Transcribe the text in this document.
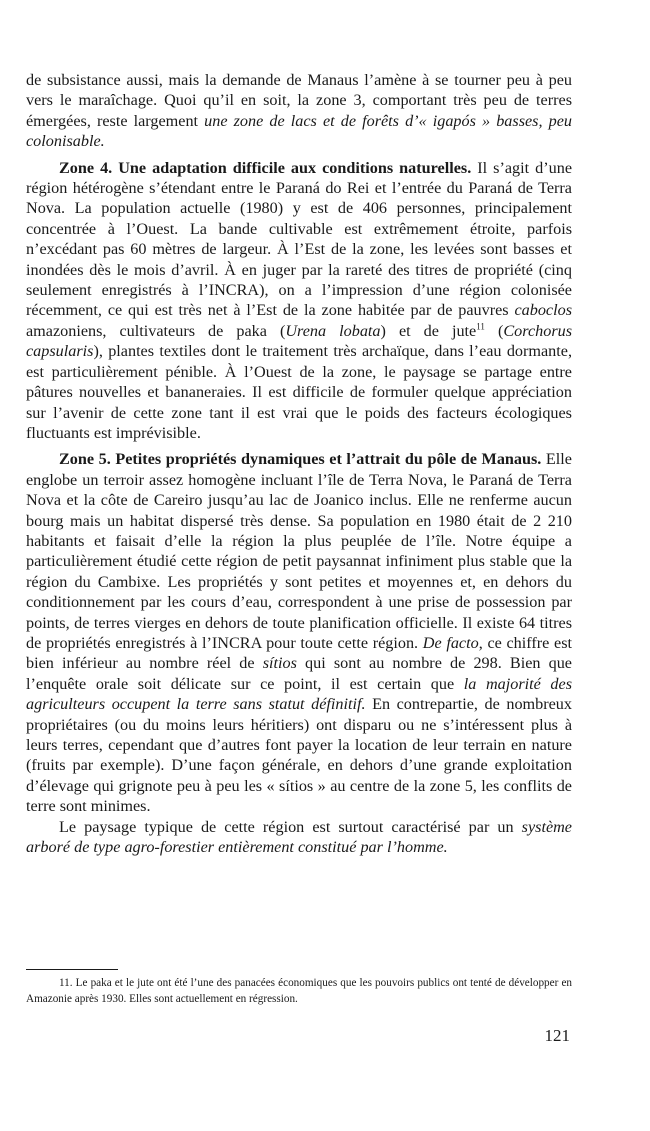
de subsistance aussi, mais la demande de Manaus l’amène à se tourner peu à peu vers le maraîchage. Quoi qu’il en soit, la zone 3, comportant très peu de terres émergées, reste largement une zone de lacs et de forêts d’« igapós » basses, peu colonisable.

Zone 4. Une adaptation difficile aux conditions naturelles. Il s’agit d’une région hétérogène s’étendant entre le Paraná do Rei et l’entrée du Paraná de Terra Nova. La population actuelle (1980) y est de 406 personnes, principalement concentrée à l’Ouest. La bande cultivable est extrêmement étroite, parfois n’excédant pas 60 mètres de largeur. À l’Est de la zone, les levées sont basses et inondées dès le mois d’avril. À en juger par la rareté des titres de propriété (cinq seulement enregistrés à l’INCRA), on a l’impression d’une région colonisée récemment, ce qui est très net à l’Est de la zone habitée par de pauvres caboclos amazoniens, cultivateurs de paka (Urena lobata) et de jute$^{11}$ (Corchorus capsularis), plantes textiles dont le traitement très archaïque, dans l’eau dormante, est particulièrement pénible. À l’Ouest de la zone, le paysage se partage entre pâtures nouvelles et bananeraies. Il est difficile de formuler quelque appréciation sur l’avenir de cette zone tant il est vrai que le poids des facteurs écologiques fluctuants est imprévisible.

Zone 5. Petites propriétés dynamiques et l’attrait du pôle de Manaus. Elle englobe un terroir assez homogène incluant l’île de Terra Nova, le Paraná de Terra Nova et la côte de Careiro jusqu’au lac de Joanico inclus. Elle ne renferme aucun bourg mais un habitat dispersé très dense. Sa population en 1980 était de 2 210 habitants et faisait d’elle la région la plus peuplée de l’île. Notre équipe a particulièrement étudié cette région de petit paysannat infiniment plus stable que la région du Cambixe. Les propriétés y sont petites et moyennes et, en dehors du conditionnement par les cours d’eau, correspondent à une prise de possession par points, de terres vierges en dehors de toute planification officielle. Il existe 64 titres de propriétés enregistrés à l’INCRA pour toute cette région. De facto, ce chiffre est bien inférieur au nombre réel de sítios qui sont au nombre de 298. Bien que l’enquête orale soit délicate sur ce point, il est certain que la majorité des agriculteurs occupent la terre sans statut définitif. En contrepartie, de nombreux propriétaires (ou du moins leurs héritiers) ont disparu ou ne s’intéressent plus à leurs terres, cependant que d’autres font payer la location de leur terrain en nature (fruits par exemple). D’une façon générale, en dehors d’une grande exploitation d’élevage qui grignote peu à peu les « sítios » au centre de la zone 5, les conflits de terre sont minimes.

Le paysage typique de cette région est surtout caractérisé par un système arboré de type agro-forestier entièrement constitué par l’homme.

11. Le paka et le jute ont été l’une des panacées économiques que les pouvoirs publics ont tenté de développer en Amazonie après 1930. Elles sont actuellement en régression.
121
